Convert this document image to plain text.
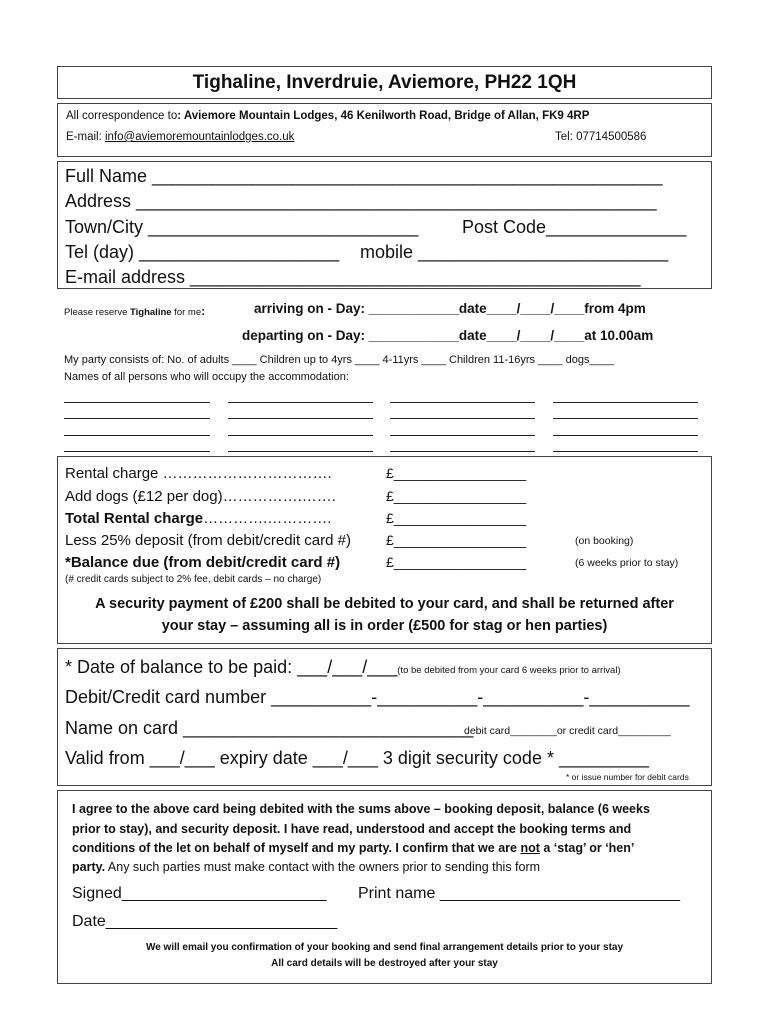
Tighaline, Inverdruie, Aviemore, PH22 1QH
All correspondence to: Aviemore Mountain Lodges, 46 Kenilworth Road, Bridge of Allan, FK9 4RP
E-mail: info@aviemoremountainlodges.co.uk	Tel: 07714500586
Full Name ___________________________________________________
Address ____________________________________________________
Town/City ___________________________ Post Code______________
Tel (day) ____________________ mobile _________________________
E-mail address _____________________________________________
Please reserve Tighaline for me:	arriving on - Day: ____________date____/____/____from 4pm
departing on - Day: ____________date____/____/____at 10.00am
My party consists of: No. of adults ____ Children up to 4yrs ____ 4-11yrs ____ Children 11-16yrs ____ dogs____
Names of all persons who will occupy the accommodation:
Rental charge …………………………….
Add dogs (£12 per dog)…………….…….
Total Rental charge………….………….
Less 25% deposit (from debit/credit card #)
*Balance due (from debit/credit card #)
(# credit cards subject to 2% fee, debit cards – no charge)
£_________________
£_________________
£_________________
£_________________
£_________________
(on booking)
(6 weeks prior to stay)
A security payment of £200 shall be debited to your card, and shall be returned after
your stay – assuming all is in order (£500 for stag or hen parties)
* Date of balance to be paid: ___/___/___(to be debited from your card 6 weeks prior to arrival)
Debit/Credit card number __________-__________-__________-__________
Name on card _____________________________
debit card________or credit card_________
Valid from ___/___ expiry date ___/___ 3 digit security code * _________
* or issue number for debit cards
I agree to the above card being debited with the sums above – booking deposit, balance (6 weeks
prior to stay), and security deposit. I have read, understood and accept the booking terms and
conditions of the let on behalf of myself and my party. I confirm that we are not a ‘stag’ or ‘hen’
party. Any such parties must make contact with the owners prior to sending this form
Signed_______________________ Print name ___________________________
Date__________________________
We will email you confirmation of your booking and send final arrangement details prior to your stay
All card details will be destroyed after your stay
